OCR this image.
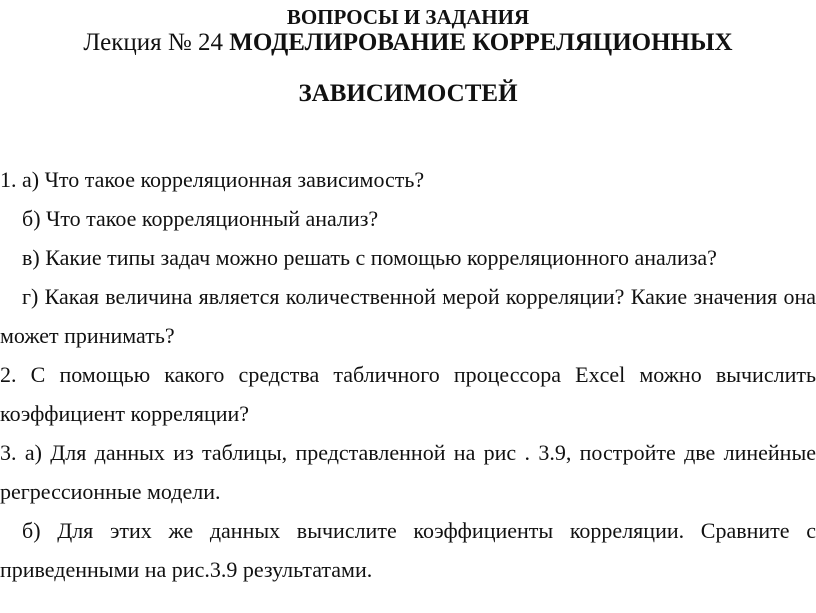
ВОПРОСЫ И ЗАДАНИЯ
Лекция № 24 МОДЕЛИРОВАНИЕ КОРРЕЛЯЦИОННЫХ
ЗАВИСИМОСТЕЙ

1. а) Что такое корреляционная зависимость?

б) Что такое корреляционный анализ?

в) Какие типы задач можно решать с помощью корреляционного анализа?

г) Какая величина является количественной мерой корреляции? Какие значения она может принимать?

2. С помощью какого средства табличного процессора Excel можно вычислить коэффициент корреляции?

3. а) Для данных из таблицы, представленной на рис . 3.9, постройте две линейные регрессионные модели.

б) Для этих же данных вычислите коэффициенты корреляции. Сравните с приведенными на рис.3.9 результатами.
